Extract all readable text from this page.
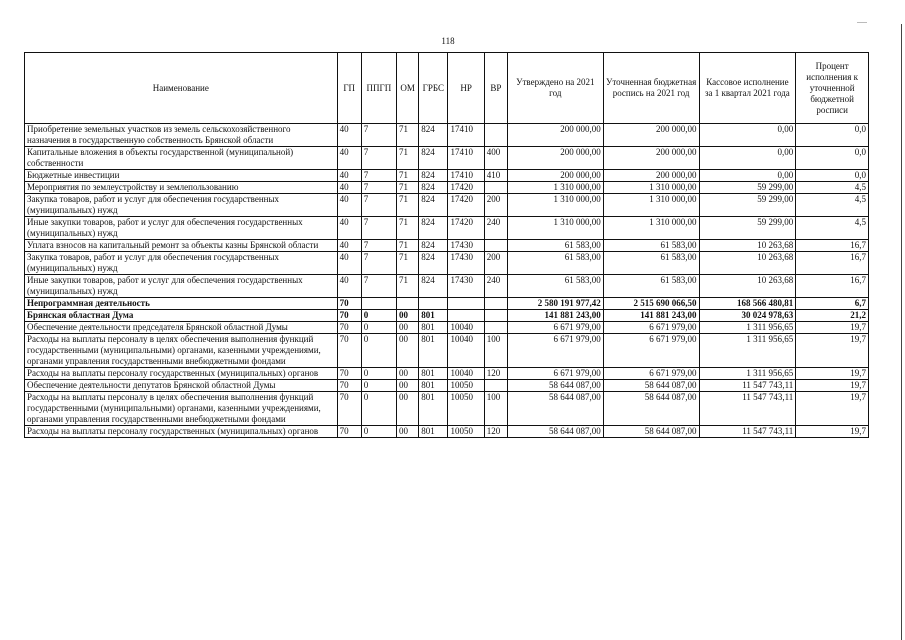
118
Наименование	ГП	ППГП	ОМ	ГРБС	НР	ВР	Утверждено на 2021 год	Уточненная бюджетная роспись на 2021 год	Кассовое исполнение за 1 квартал 2021 года	Процент исполнения к уточненной бюджетной росписи
Приобретение земельных участков из земель сельскохозяйственного назначения в государственную собственность Брянской области	40	7	71	824	17410		200 000,00	200 000,00	0,00	0,0
Капитальные вложения в объекты государственной (муниципальной) собственности	40	7	71	824	17410	400	200 000,00	200 000,00	0,00	0,0
Бюджетные инвестиции	40	7	71	824	17410	410	200 000,00	200 000,00	0,00	0,0
Мероприятия по землеустройству и землепользованию	40	7	71	824	17420		1 310 000,00	1 310 000,00	59 299,00	4,5
Закупка товаров, работ и услуг для обеспечения государственных (муниципальных) нужд	40	7	71	824	17420	200	1 310 000,00	1 310 000,00	59 299,00	4,5
Иные закупки товаров, работ и услуг для обеспечения государственных (муниципальных) нужд	40	7	71	824	17420	240	1 310 000,00	1 310 000,00	59 299,00	4,5
Уплата взносов на капитальный ремонт за объекты казны Брянской области	40	7	71	824	17430		61 583,00	61 583,00	10 263,68	16,7
Закупка товаров, работ и услуг для обеспечения государственных (муниципальных) нужд	40	7	71	824	17430	200	61 583,00	61 583,00	10 263,68	16,7
Иные закупки товаров, работ и услуг для обеспечения государственных (муниципальных) нужд	40	7	71	824	17430	240	61 583,00	61 583,00	10 263,68	16,7
Непрограммная деятельность	70						2 580 191 977,42	2 515 690 066,50	168 566 480,81	6,7
Брянская областная Дума	70	0	00	801			141 881 243,00	141 881 243,00	30 024 978,63	21,2
Обеспечение деятельности председателя Брянской областной Думы	70	0	00	801	10040		6 671 979,00	6 671 979,00	1 311 956,65	19,7
Расходы на выплаты персоналу в целях обеспечения выполнения функций государственными (муниципальными) органами, казенными учреждениями, органами управления государственными внебюджетными фондами	70	0	00	801	10040	100	6 671 979,00	6 671 979,00	1 311 956,65	19,7
Расходы на выплаты персоналу государственных (муниципальных) органов	70	0	00	801	10040	120	6 671 979,00	6 671 979,00	1 311 956,65	19,7
Обеспечение деятельности депутатов Брянской областной Думы	70	0	00	801	10050		58 644 087,00	58 644 087,00	11 547 743,11	19,7
Расходы на выплаты персоналу в целях обеспечения выполнения функций государственными (муниципальными) органами, казенными учреждениями, органами управления государственными внебюджетными фондами	70	0	00	801	10050	100	58 644 087,00	58 644 087,00	11 547 743,11	19,7
Расходы на выплаты персоналу государственных (муниципальных) органов	70	0	00	801	10050	120	58 644 087,00	58 644 087,00	11 547 743,11	19,7
